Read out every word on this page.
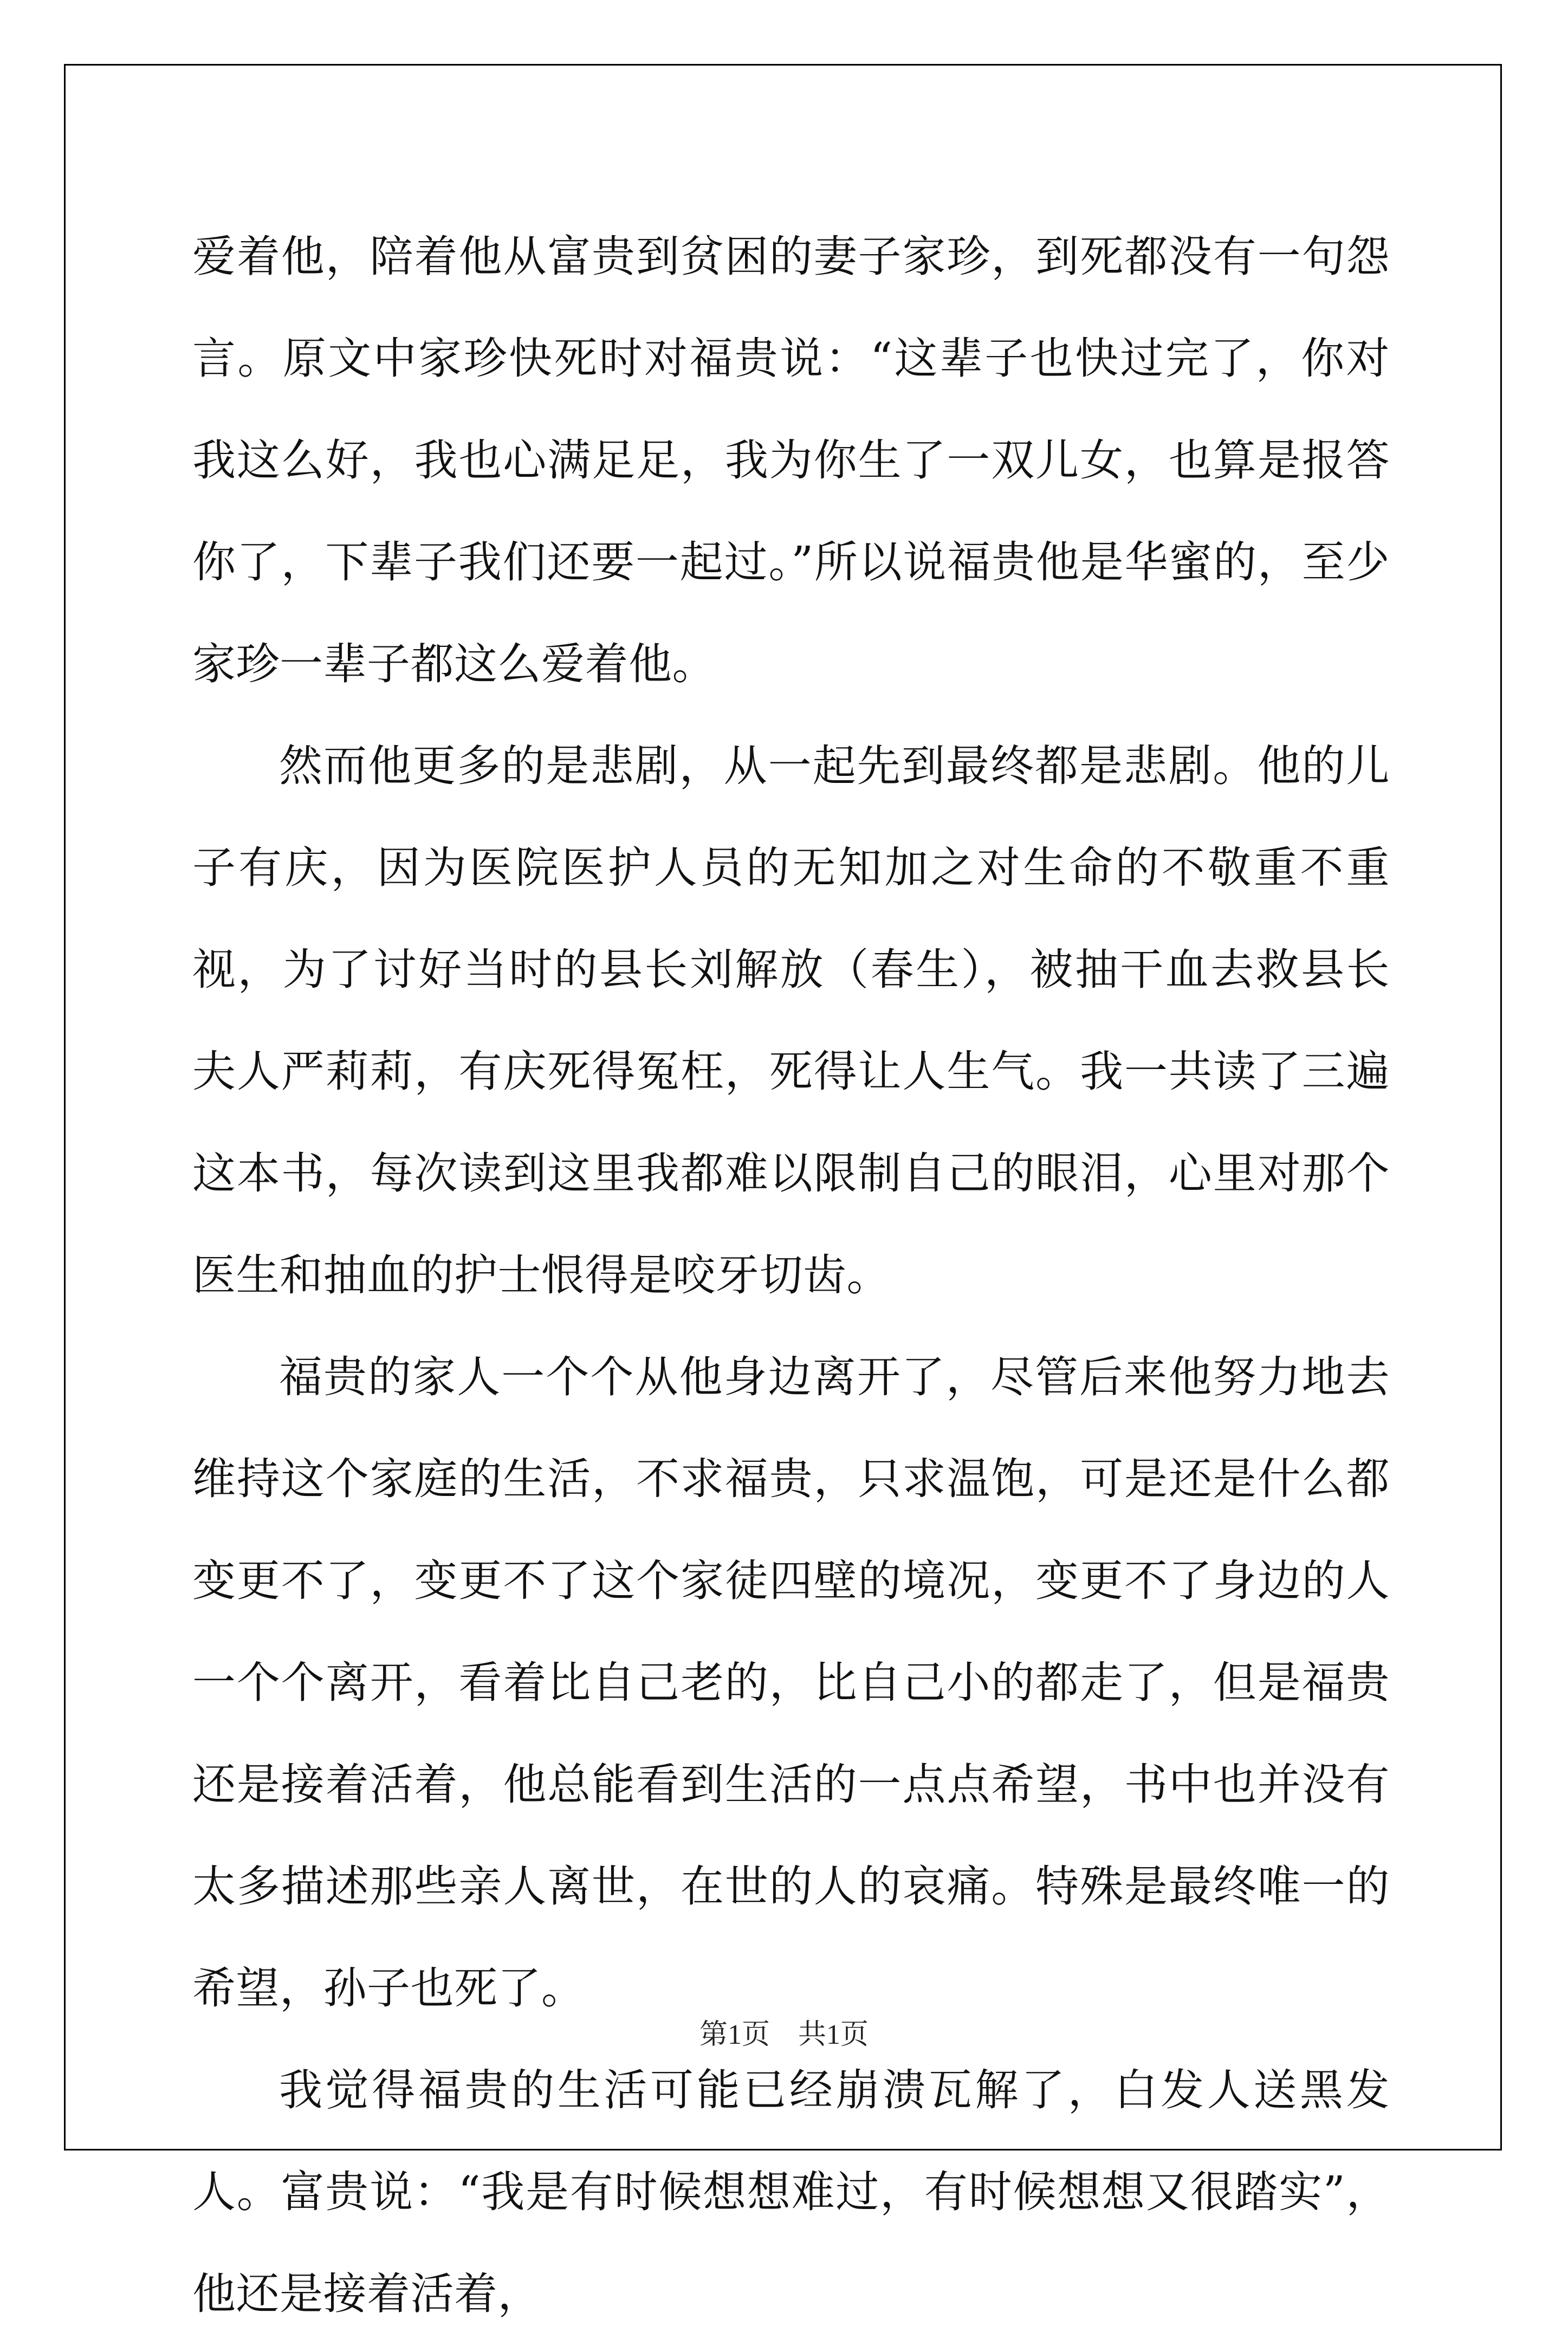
爱着他，陪着他从富贵到贫困的妻子家珍，到死都没有一句怨言。原文中家珍快死时对福贵说：“这辈子也快过完了，你对我这么好，我也心满足足，我为你生了一双儿女，也算是报答你了，下辈子我们还要一起过。”所以说福贵他是华蜜的，至少家珍一辈子都这么爱着他。

然而他更多的是悲剧，从一起先到最终都是悲剧。他的儿子有庆，因为医院医护人员的无知加之对生命的不敬重不重视，为了讨好当时的县长刘解放（春生），被抽干血去救县长夫人严莉莉，有庆死得冤枉，死得让人生气。我一共读了三遍这本书，每次读到这里我都难以限制自己的眼泪，心里对那个医生和抽血的护士恨得是咬牙切齿。

福贵的家人一个个从他身边离开了，尽管后来他努力地去维持这个家庭的生活，不求福贵，只求温饱，可是还是什么都变更不了，变更不了这个家徒四壁的境况，变更不了身边的人一个个离开，看着比自己老的，比自己小的都走了，但是福贵还是接着活着，他总能看到生活的一点点希望，书中也并没有太多描述那些亲人离世，在世的人的哀痛。特殊是最终唯一的希望，孙子也死了。

我觉得福贵的生活可能已经崩溃瓦解了，白发人送黑发人。富贵说：“我是有时候想想难过，有时候想想又很踏实”，他还是接着活着，

第1页　共1页
